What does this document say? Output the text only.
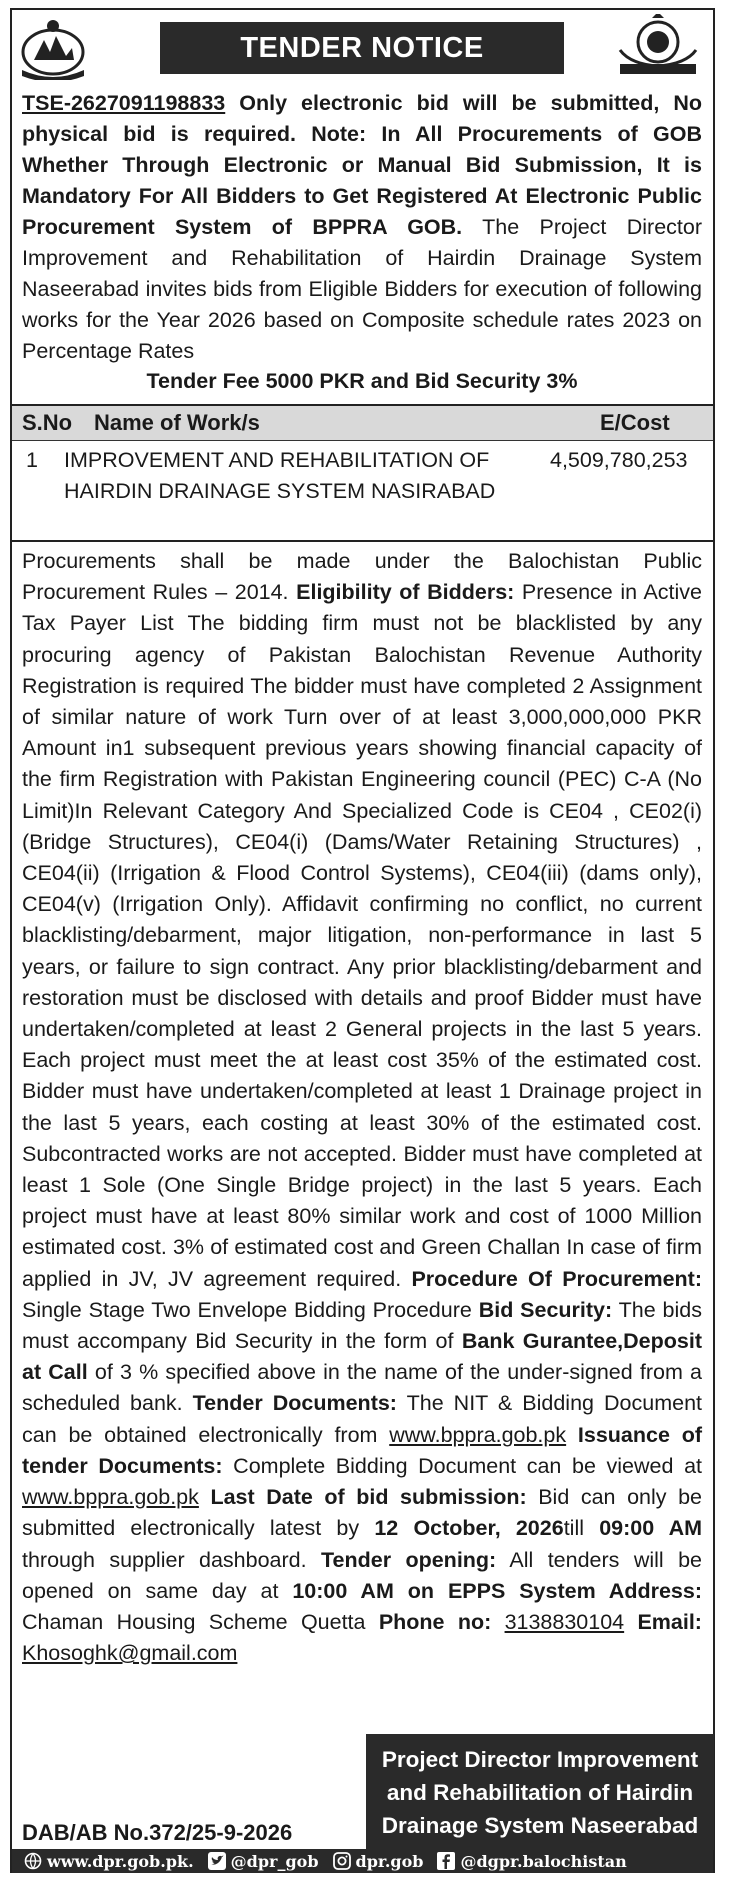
TENDER NOTICE
TSE-2627091198833 Only electronic bid will be submitted, No physical bid is required. Note: In All Procurements of GOB Whether Through Electronic or Manual Bid Submission, It is Mandatory For All Bidders to Get Registered At Electronic Public Procurement System of BPPRA GOB. The Project Director Improvement and Rehabilitation of Hairdin Drainage System Naseerabad invites bids from Eligible Bidders for execution of following works for the Year 2026 based on Composite schedule rates 2023 on Percentage Rates
Tender Fee 5000 PKR and Bid Security 3%
S.No Name of Work/s	E/Cost
1 IMPROVEMENT AND REHABILITATION OF HAIRDIN DRAINAGE SYSTEM NASIRABAD
4,509,780,253
Procurements shall be made under the Balochistan Public Procurement Rules – 2014. Eligibility of Bidders: Presence in Active Tax Payer List The bidding firm must not be blacklisted by any procuring agency of Pakistan Balochistan Revenue Authority Registration is required The bidder must have completed 2 Assignment of similar nature of work Turn over of at least 3,000,000,000 PKR Amount in1 subsequent previous years showing financial capacity of the firm Registration with Pakistan Engineering council (PEC) C-A (No Limit)In Relevant Category And Specialized Code is CE04 , CE02(i) (Bridge Structures), CE04(i) (Dams/Water Retaining Structures) , CE04(ii) (Irrigation & Flood Control Systems), CE04(iii) (dams only), CE04(v) (Irrigation Only). Affidavit confirming no conflict, no current blacklisting/debarment, major litigation, non-performance in last 5 years, or failure to sign contract. Any prior blacklisting/debarment and restoration must be disclosed with details and proof Bidder must have undertaken/completed at least 2 General projects in the last 5 years. Each project must meet the at least cost 35% of the estimated cost. Bidder must have undertaken/completed at least 1 Drainage project in the last 5 years, each costing at least 30% of the estimated cost. Subcontracted works are not accepted. Bidder must have completed at least 1 Sole (One Single Bridge project) in the last 5 years. Each project must have at least 80% similar work and cost of 1000 Million estimated cost. 3% of estimated cost and Green Challan In case of firm applied in JV, JV agreement required. Procedure Of Procurement: Single Stage Two Envelope Bidding Procedure Bid Security: The bids must accompany Bid Security in the form of Bank Gurantee,Deposit at Call of 3 % specified above in the name of the under-signed from a scheduled bank. Tender Documents: The NIT & Bidding Document can be obtained electronically from www.bppra.gob.pk Issuance of tender Documents: Complete Bidding Document can be viewed at www.bppra.gob.pk Last Date of bid submission: Bid can only be submitted electronically latest by 12 October, 2026till 09:00 AM through supplier dashboard. Tender opening: All tenders will be opened on same day at 10:00 AM on EPPS System Address: Chaman Housing Scheme Quetta Phone no: 3138830104 Email: Khosoghk@gmail.com
Project Director Improvement
and Rehabilitation of Hairdin
Drainage System Naseerabad
DAB/AB No.372/25-9-2026
www.dpr.gob.pk. @dpr_gob dpr.gob @dgpr.balochistan
